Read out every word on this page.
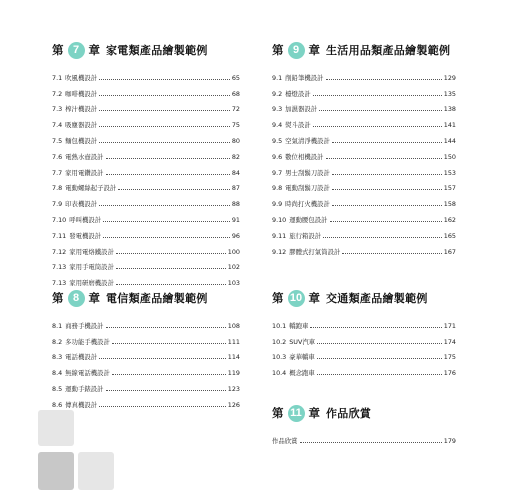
第 7 章 家電類產品繪製範例
7.1 吹風機設計	65
7.2 咖啡機設計	68
7.3 榨汁機設計	72
7.4 吸塵器設計	75
7.5 麵包機設計	80
7.6 電熱水壺設計	82
7.7 家用電鑽設計	84
7.8 電動螺絲起子設計	87
7.9 印表機設計	88
7.10 呼叫機設計	91
7.11 發電機設計	96
7.12 家用電烙鐵設計	100
7.13 家用手電筒設計	102
7.13 家用研磨機設計	103
第 8 章 電信類產品繪製範例
8.1 商務手機設計	108
8.2 多功能手機設計	111
8.3 電話機設計	114
8.4 無線電話機設計	119
8.5 運動手錶設計	123
8.6 傳真機設計	126
第 9 章 生活用品類產品繪製範例
9.1 削鉛筆機設計	129
9.2 檯燈設計	135
9.3 加濕器設計	138
9.4 熨斗設計	141
9.5 空氣清淨機設計	144
9.6 數位相機設計	150
9.7 男士刮鬍刀設計	153
9.8 電動刮鬍刀設計	157
9.9 時尚打火機設計	158
9.10 運動腰包設計	162
9.11 旅行箱設計	165
9.12 膠體式打氣筒設計	167
第 10 章 交通類產品繪製範例
10.1 轎跑車	171
10.2 SUV汽車	174
10.3 豪華轎車	175
10.4 概念跑車	176
第 11 章 作品欣賞
作品欣賞	179
